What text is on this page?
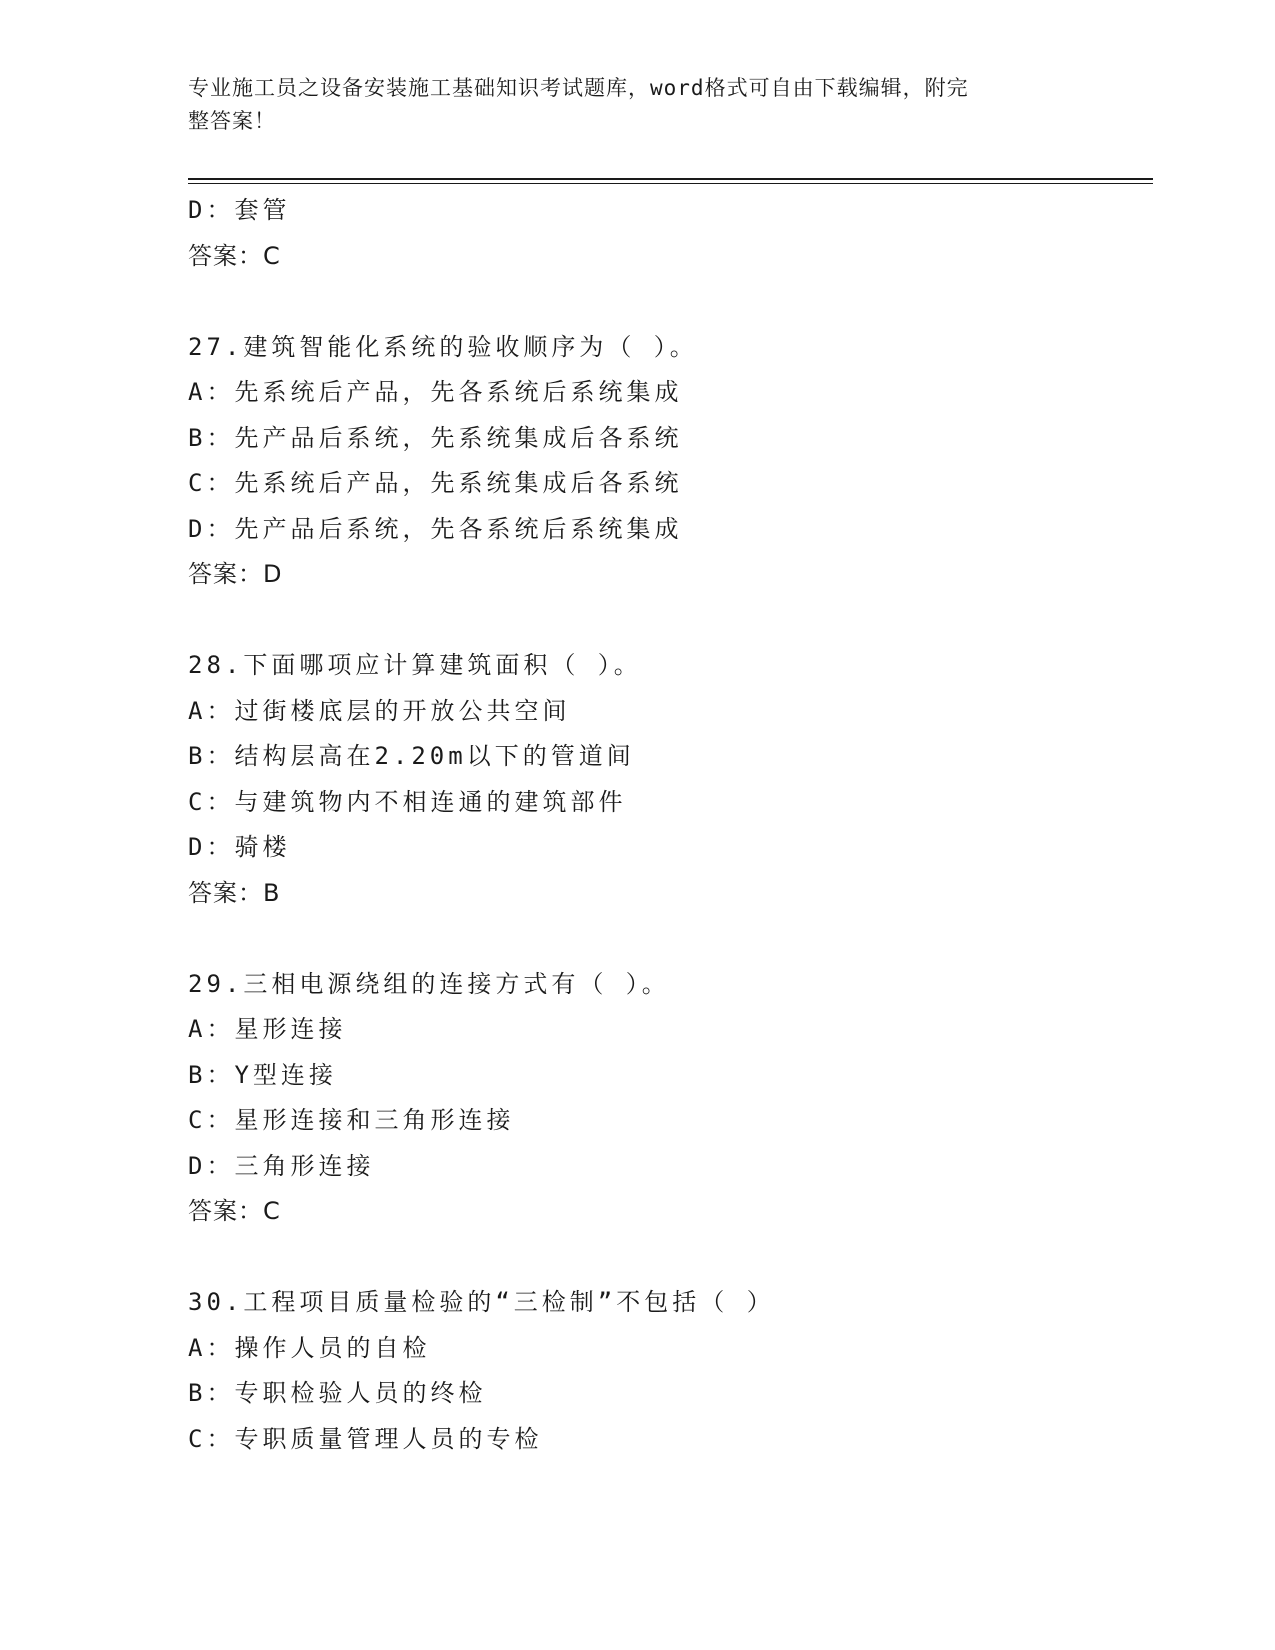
专业施工员之设备安装施工基础知识考试题库，word格式可自由下载编辑，附完
整答案！
D：套管
答案：C
27.建筑智能化系统的验收顺序为（ ）。
A：先系统后产品，先各系统后系统集成
B：先产品后系统，先系统集成后各系统
C：先系统后产品，先系统集成后各系统
D：先产品后系统，先各系统后系统集成
答案：D
28.下面哪项应计算建筑面积（ ）。
A：过街楼底层的开放公共空间
B：结构层高在2.20m以下的管道间
C：与建筑物内不相连通的建筑部件
D：骑楼
答案：B
29.三相电源绕组的连接方式有（ ）。
A：星形连接
B：Y型连接
C：星形连接和三角形连接
D：三角形连接
答案：C
30.工程项目质量检验的“三检制”不包括（ ）
A：操作人员的自检
B：专职检验人员的终检
C：专职质量管理人员的专检
